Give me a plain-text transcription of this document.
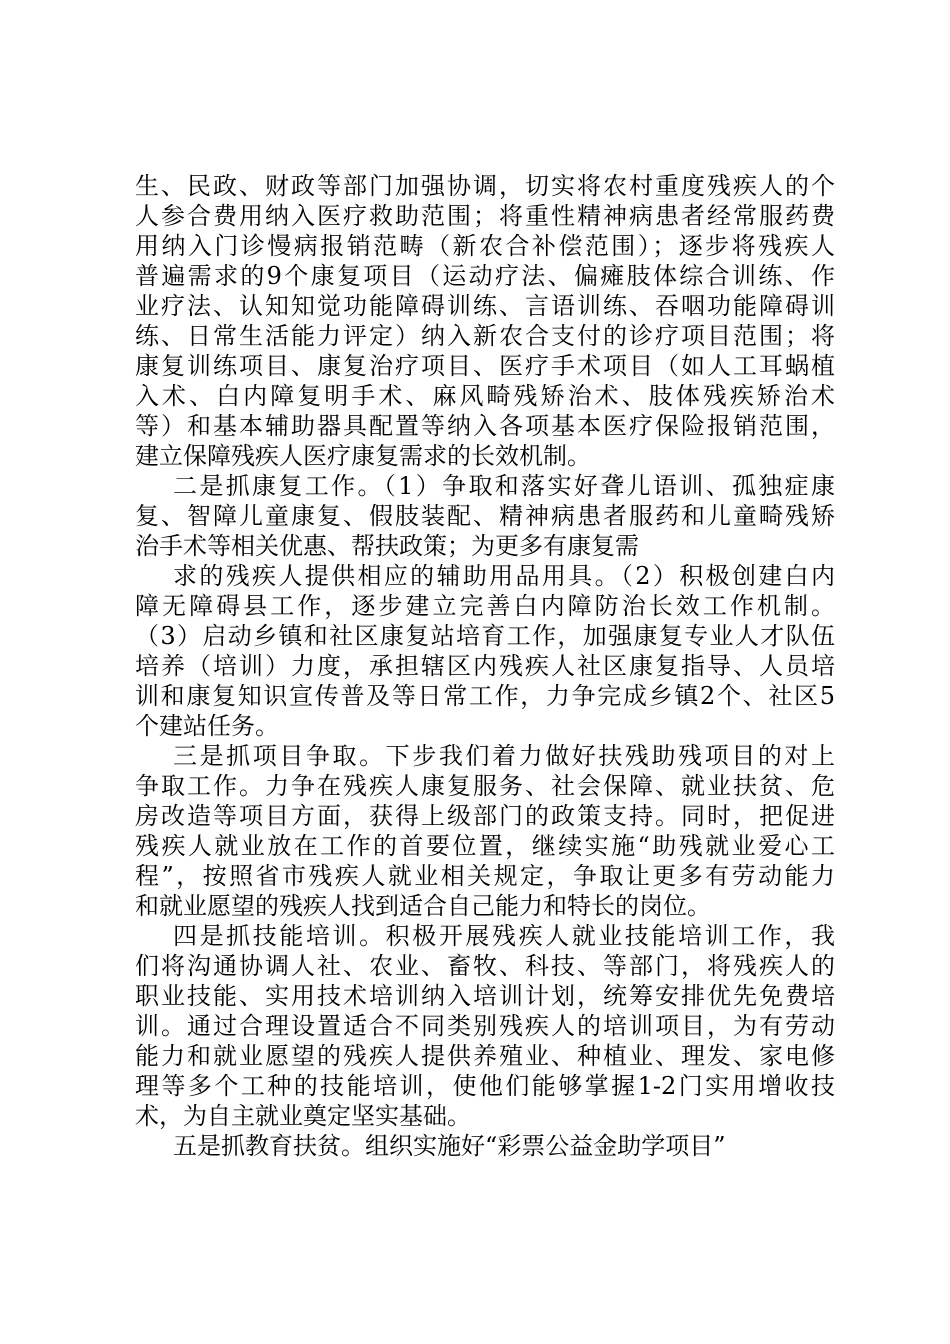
生、民政、财政等部门加强协调，切实将农村重度残疾人的个
人参合费用纳入医疗救助范围；将重性精神病患者经常服药费
用纳入门诊慢病报销范畴（新农合补偿范围）；逐步将残疾人
普遍需求的9个康复项目（运动疗法、偏瘫肢体综合训练、作
业疗法、认知知觉功能障碍训练、言语训练、吞咽功能障碍训
练、日常生活能力评定）纳入新农合支付的诊疗项目范围；将
康复训练项目、康复治疗项目、医疗手术项目（如人工耳蜗植
入术、白内障复明手术、麻风畸残矫治术、肢体残疾矫治术
等）和基本辅助器具配置等纳入各项基本医疗保险报销范围，
建立保障残疾人医疗康复需求的长效机制。
二是抓康复工作。（1）争取和落实好聋儿语训、孤独症康
复、智障儿童康复、假肢装配、精神病患者服药和儿童畸残矫
治手术等相关优惠、帮扶政策；为更多有康复需
求的残疾人提供相应的辅助用品用具。（2）积极创建白内
障无障碍县工作，逐步建立完善白内障防治长效工作机制。
（3）启动乡镇和社区康复站培育工作，加强康复专业人才队伍
培养（培训）力度，承担辖区内残疾人社区康复指导、人员培
训和康复知识宣传普及等日常工作，力争完成乡镇2个、社区5
个建站任务。
三是抓项目争取。下步我们着力做好扶残助残项目的对上
争取工作。力争在残疾人康复服务、社会保障、就业扶贫、危
房改造等项目方面，获得上级部门的政策支持。同时，把促进
残疾人就业放在工作的首要位置，继续实施“助残就业爱心工
程”，按照省市残疾人就业相关规定，争取让更多有劳动能力
和就业愿望的残疾人找到适合自己能力和特长的岗位。
四是抓技能培训。积极开展残疾人就业技能培训工作，我
们将沟通协调人社、农业、畜牧、科技、等部门，将残疾人的
职业技能、实用技术培训纳入培训计划，统筹安排优先免费培
训。通过合理设置适合不同类别残疾人的培训项目，为有劳动
能力和就业愿望的残疾人提供养殖业、种植业、理发、家电修
理等多个工种的技能培训，使他们能够掌握1-2门实用增收技
术，为自主就业奠定坚实基础。
五是抓教育扶贫。组织实施好“彩票公益金助学项目”
